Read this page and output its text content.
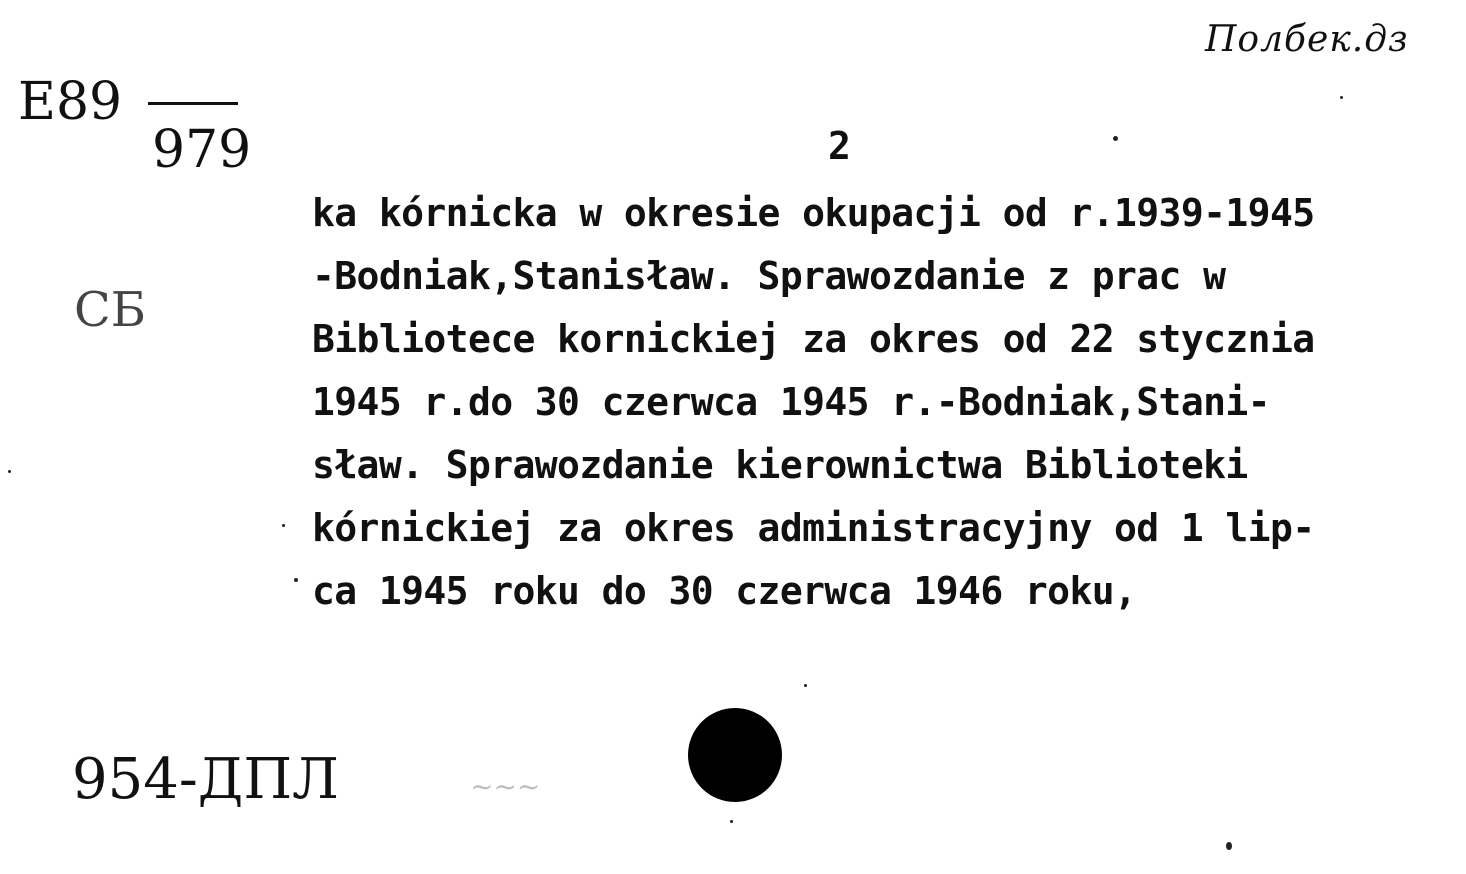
Полбек.дз
E89
979
СБ
2
ka kórnicka w okresie okupacji od r.1939-1945
-Bodniak,Stanisław. Sprawozdanie z prac w
Bibliotece kornickiej za okres od 22 stycznia
1945 r.do 30 czerwca 1945 r.-Bodniak,Stani-
sław. Sprawozdanie kierownictwa Biblioteki
kórnickiej za okres administracyjny od 1 lip-
ca 1945 roku do 30 czerwca 1946 roku,
954-ДПЛ	~~~
